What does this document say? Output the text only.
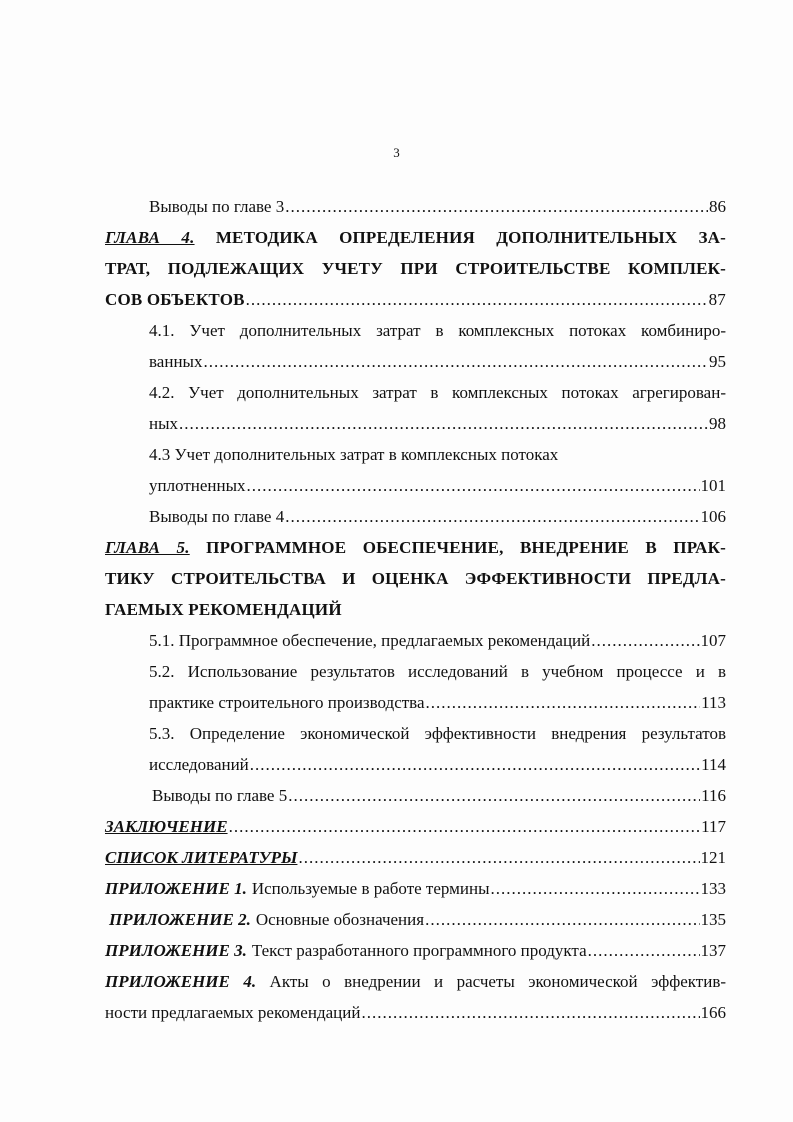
3
Выводы по главе 3 .....	86
ГЛАВА 4. МЕТОДИКА ОПРЕДЕЛЕНИЯ ДОПОЛНИТЕЛЬНЫХ ЗА-
ТРАТ, ПОДЛЕЖАЩИХ УЧЕТУ ПРИ СТРОИТЕЛЬСТВЕ КОМПЛЕК-
СОВ ОБЪЕКТОВ .....	87
4.1. Учет дополнительных затрат в комплексных потоках комбиниро-
ванных .....	95
4.2. Учет дополнительных затрат в комплексных потоках агрегирован-
ных .....	98
4.3 Учет дополнительных затрат в комплексных потоках
уплотненных .....	101
Выводы по главе 4 .....	106
ГЛАВА 5. ПРОГРАММНОЕ ОБЕСПЕЧЕНИЕ, ВНЕДРЕНИЕ В ПРАК-
ТИКУ СТРОИТЕЛЬСТВА И ОЦЕНКА ЭФФЕКТИВНОСТИ ПРЕДЛА-
ГАЕМЫХ РЕКОМЕНДАЦИЙ
5.1. Программное обеспечение, предлагаемых рекомендаций .....	107
5.2. Использование результатов исследований в учебном процессе и в
практике строительного производства .....	113
5.3. Определение экономической эффективности внедрения результатов
исследований .....	114
Выводы по главе 5 .....	116
ЗАКЛЮЧЕНИЕ .....	117
СПИСОК ЛИТЕРАТУРЫ .....	121
ПРИЛОЖЕНИЕ 1. Используемые в работе термины .....	133
ПРИЛОЖЕНИЕ 2. Основные обозначения .....	135
ПРИЛОЖЕНИЕ 3. Текст разработанного программного продукта .....	137
ПРИЛОЖЕНИЕ 4. Акты о внедрении и расчеты экономической эффектив-
ности предлагаемых рекомендаций .....	166
